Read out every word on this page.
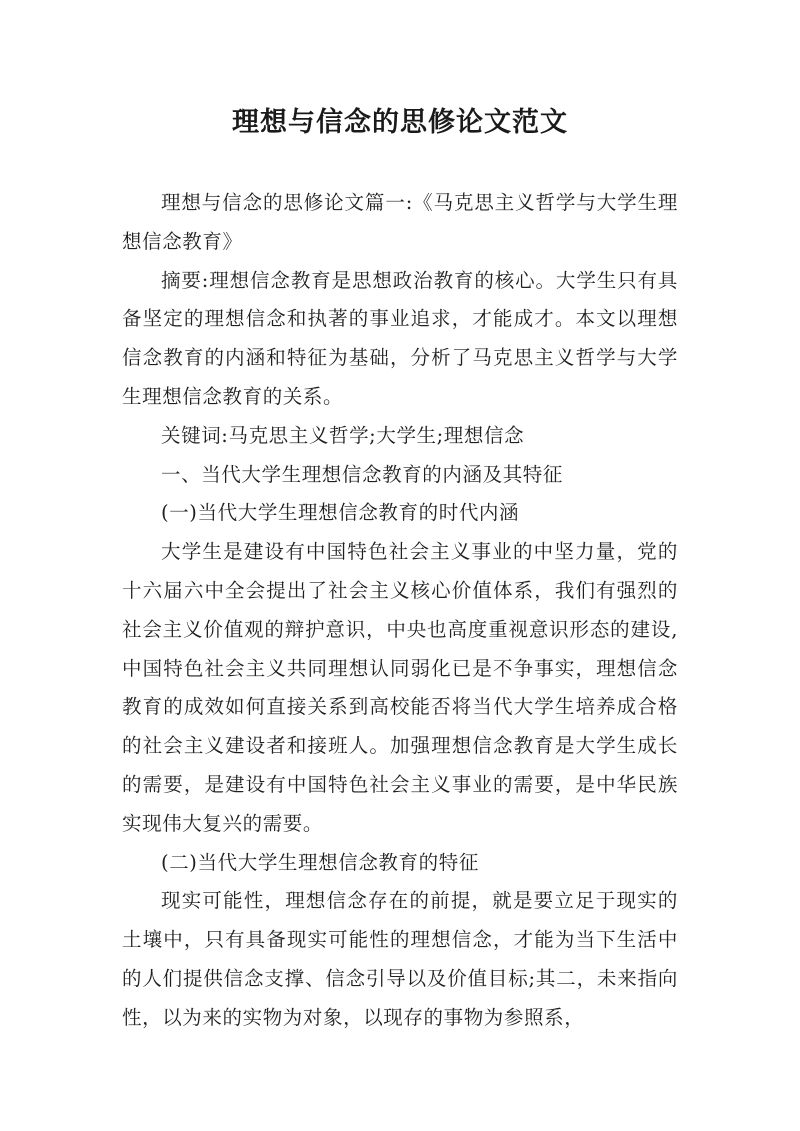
理想与信念的思修论文范文

理想与信念的思修论文篇一:《马克思主义哲学与大学生理想信念教育》

摘要:理想信念教育是思想政治教育的核心。大学生只有具备坚定的理想信念和执著的事业追求，才能成才。本文以理想信念教育的内涵和特征为基础，分析了马克思主义哲学与大学生理想信念教育的关系。

关键词:马克思主义哲学;大学生;理想信念

一、当代大学生理想信念教育的内涵及其特征

(一)当代大学生理想信念教育的时代内涵

大学生是建设有中国特色社会主义事业的中坚力量，党的十六届六中全会提出了社会主义核心价值体系，我们有强烈的社会主义价值观的辩护意识，中央也高度重视意识形态的建设,中国特色社会主义共同理想认同弱化已是不争事实，理想信念教育的成效如何直接关系到高校能否将当代大学生培养成合格的社会主义建设者和接班人。加强理想信念教育是大学生成长的需要，是建设有中国特色社会主义事业的需要，是中华民族实现伟大复兴的需要。

(二)当代大学生理想信念教育的特征

现实可能性，理想信念存在的前提，就是要立足于现实的土壤中，只有具备现实可能性的理想信念，才能为当下生活中的人们提供信念支撑、信念引导以及价值目标;其二，未来指向性，以为来的实物为对象，以现存的事物为参照系，
